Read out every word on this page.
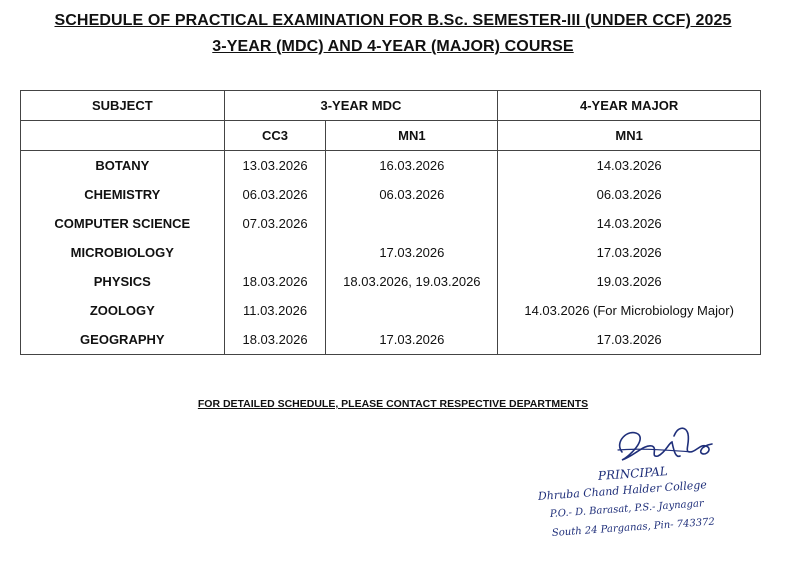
SCHEDULE OF PRACTICAL EXAMINATION FOR B.Sc. SEMESTER-III (UNDER CCF) 2025
3-YEAR (MDC) AND 4-YEAR (MAJOR) COURSE
SUBJECT	3-YEAR MDC		4-YEAR MAJOR
	CC3	MN1	MN1
BOTANY	13.03.2026	16.03.2026	14.03.2026
CHEMISTRY	06.03.2026	06.03.2026	06.03.2026
COMPUTER SCIENCE	07.03.2026		14.03.2026
MICROBIOLOGY		17.03.2026	17.03.2026
PHYSICS	18.03.2026	18.03.2026, 19.03.2026	19.03.2026
ZOOLOGY	11.03.2026		14.03.2026 (For Microbiology Major)
GEOGRAPHY	18.03.2026	17.03.2026	17.03.2026
FOR DETAILED SCHEDULE, PLEASE CONTACT RESPECTIVE DEPARTMENTS
PRINCIPAL
Dhruba Chand Halder College
P.O.- D. Barasat, P.S.- Jaynagar
South 24 Parganas, Pin- 743372
